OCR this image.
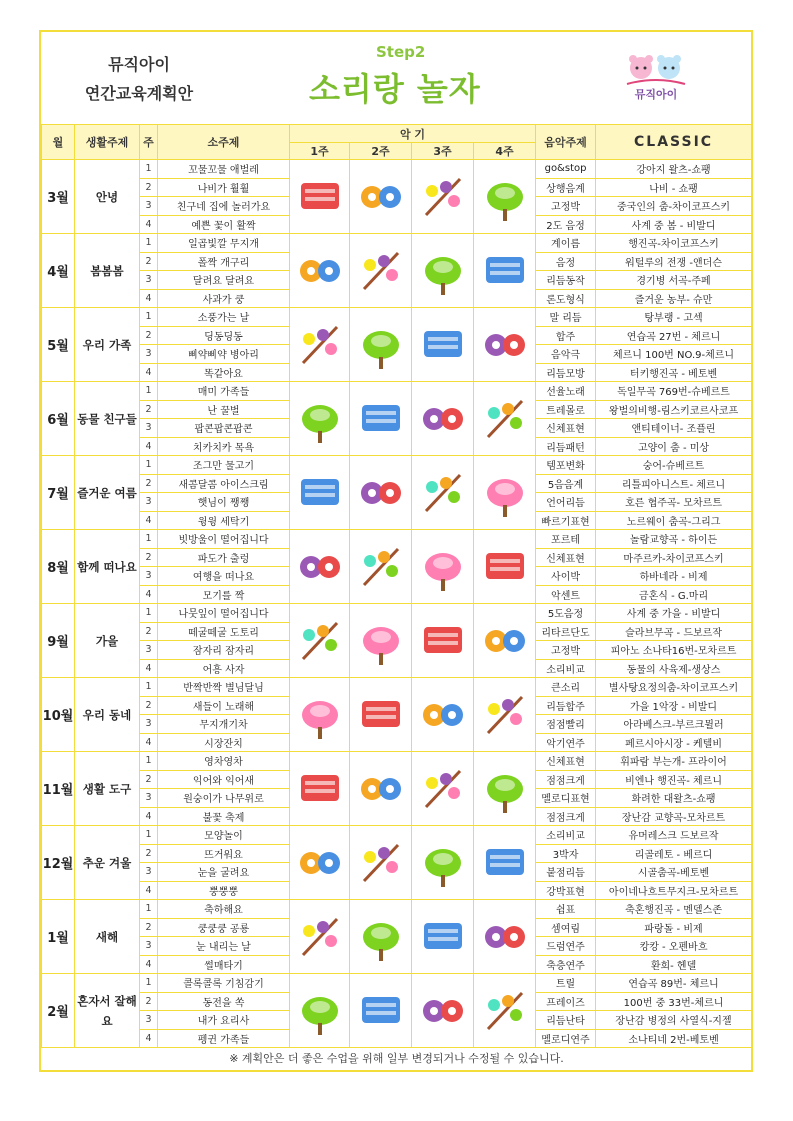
뮤직아이
연간교육계획안
Step2
소리랑 놀자	뮤직아이
월	생활주제	주	소주제	악 기				음악주제	CLASSIC
				1주	2주	3주	4주		
3월	안녕	1	꼬물꼬물 애벌레					go&stop	강아지 왈츠-쇼팽
		2	나비가 훨훨					상행음계	나비 - 쇼팽
		3	친구네 집에 놀러가요					고정박	중국인의 춤-차이코프스키
		4	예쁜 꽃이 활짝					2도 음정	사계 중 봄 - 비발디
4월	봄봄봄	1	일곱빛깔 무지개					계이름	행진곡-차이코프스키
		2	폴짝 개구리					음정	워털루의 전쟁 -앤더슨
		3	달려요 달려요					리듬동작	경기병 서곡-주페
		4	사과가 쿵					론도형식	즐거운 농부- 슈만
5월	우리 가족	1	소풍가는 날					말 리듬	탕부랭 - 고섹
		2	딩동딩동					합주	연습곡 27번 - 체르니
		3	삐약삐약 병아리					음악극	체르니 100번 NO.9-체르니
		4	똑같아요					리듬모방	터키행진곡 - 베토벤
6월	동물 친구들	1	매미 가족들					선율노래	독일무곡 769번-슈베르트
		2	난 꿀벌					트레몰로	왕벌의비행-림스키코르사코프
		3	팝콘팝콘팝콘					신체표현	앤티테이너- 조플린
		4	치카치카 목욕					리듬패턴	고양이 춤 - 미상
7월	즐거운 여름	1	조그만 물고기					템포변화	숭어-슈베르트
		2	새콤달콤 아이스크림					5음음계	리틀피아니스트- 체르니
		3	햇님이 쨍쨍					언어리듬	호른 협주곡- 모차르트
		4	윙윙 세탁기					빠르기표현	노르웨이 춤곡-그리그
8월	함께 떠나요	1	빗방울이 떨어집니다					포르테	놀람교향곡 - 하이든
		2	파도가 출렁					신체표현	마주르카-차이코프스키
		3	여행을 떠나요					사이박	하바네라 - 비제
		4	모기를 짝					악센트	금혼식 - G.마리
9월	가을	1	나뭇잎이 떨어집니다					5도음정	사계 중 가을 - 비발디
		2	떼굴떼굴 도토리					리타르단도	슬라브무곡 - 드보르작
		3	잠자리 잠자리					고정박	피아노 소나타16번-모차르트
		4	어흥 사자					소리비교	동물의 사육제-생상스
10월	우리 동네	1	반짝반짝 별님달님					큰소리	별사탕요정의춤-차이코프스키
		2	새들이 노래해					리듬합주	가을 1악장 - 비발디
		3	무지개기차					점점빨리	아라베스크-부르크뮐러
		4	시장잔치					악기연주	페르시아시장 - 케텔비
11월	생활 도구	1	영차영차					신체표현	휘파람 부는개- 프라이어
		2	익어와 익어새					점점크게	비엔나 행진곡- 체르니
		3	원숭이가 나무위로					멜로디표현	화려한 대왈츠-쇼팽
		4	불꽃 축제					점점크게	장난감 교향곡-모차르트
12월	추운 겨울	1	모양놀이					소리비교	유머레스크 드보르작
		2	뜨거워요					3박자	리골레토 - 베르디
		3	눈을 굴려요					붙점리듬	시골춤곡-베토벤
		4	뿡뿡뿡					강박표현	아이네나흐트무지크-모차르트
1월	새해	1	축하해요					쉼표	축혼행진곡 - 멘델스존
		2	쿵쿵쿵 공룡					셈여림	파랑돌 - 비제
		3	눈 내리는 날					드럼연주	캉캉 - 오펜바흐
		4	썰매타기					축층연주	환희- 헨델
2월	혼자서 잘해요	1	콜록콜록 기침감기					트릴	연습곡 89번- 체르니
		2	동전을 쏙					프레이즈	100번 중 33번-체르니
		3	내가 요리사					리듬난타	장난감 병정의 사열식-지젤
		4	펭귄 가족들					멜로디연주	소나티네 2번-베토벤
※ 계획안은 더 좋은 수업을 위해 일부 변경되거나 수정될 수 있습니다.
